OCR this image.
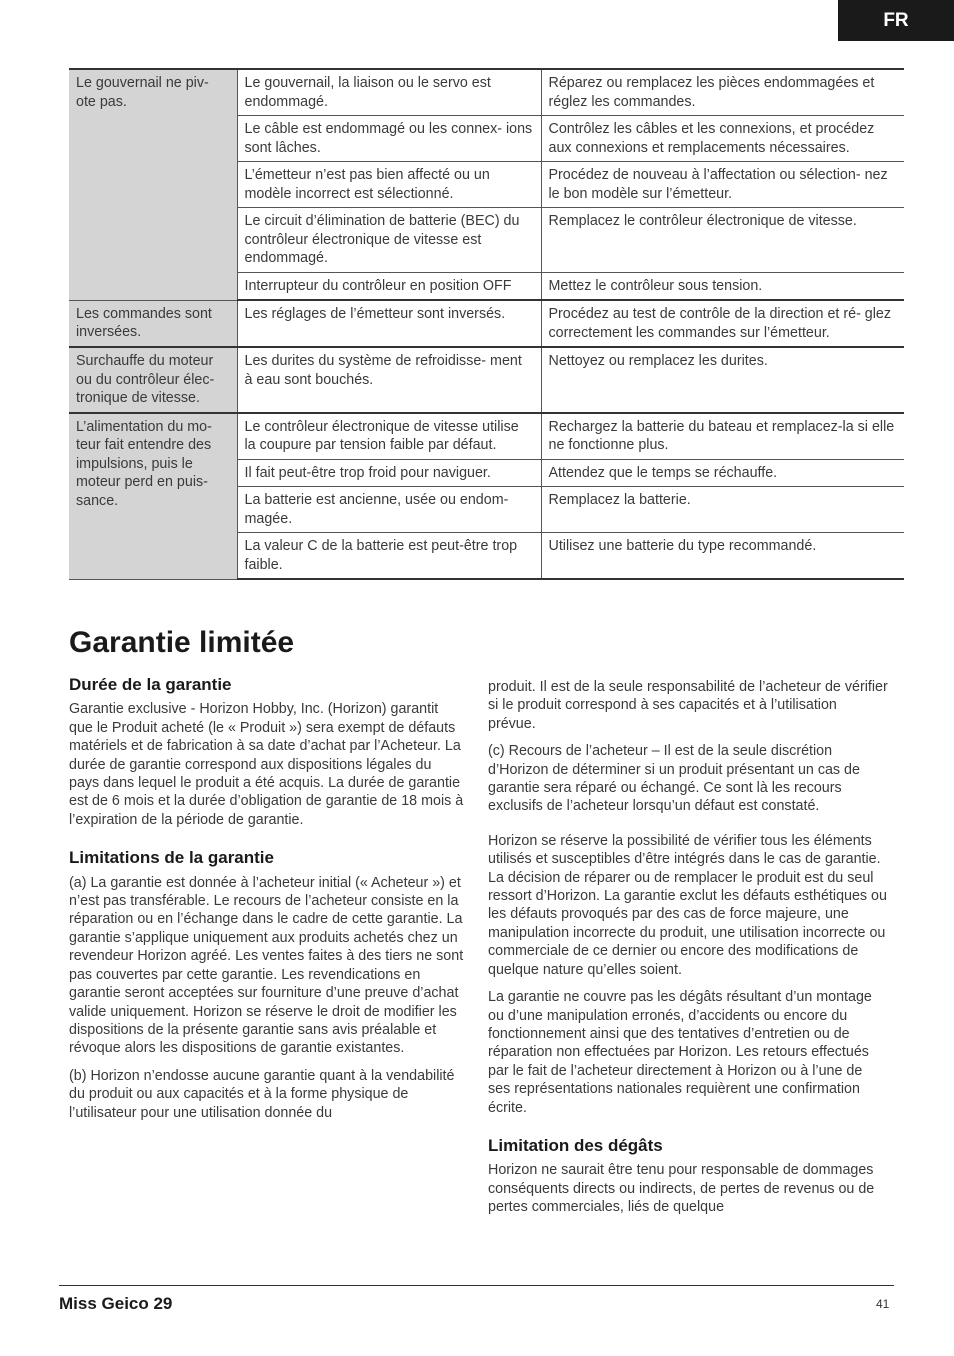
FR
Le gouvernail ne piv- ote pas.	Le gouvernail, la liaison ou le servo est endommagé.	Réparez ou remplacez les pièces endommagées et réglez les commandes.
	Le câble est endommagé ou les connex- ions sont lâches.	Contrôlez les câbles et les connexions, et procédez aux connexions et remplacements nécessaires.
	L’émetteur n’est pas bien affecté ou un modèle incorrect est sélectionné.	Procédez de nouveau à l’affectation ou sélection- nez le bon modèle sur l’émetteur.
	Le circuit d’élimination de batterie (BEC) du contrôleur électronique de vitesse est endommagé.	Remplacez le contrôleur électronique de vitesse.
	Interrupteur du contrôleur en position OFF	Mettez le contrôleur sous tension.
Les commandes sont inversées.	Les réglages de l’émetteur sont inversés.	Procédez au test de contrôle de la direction et ré- glez correctement les commandes sur l’émetteur.
Surchauffe du moteur ou du contrôleur élec- tronique de vitesse.	Les durites du système de refroidisse- ment à eau sont bouchés.	Nettoyez ou remplacez les durites.
L’alimentation du mo- teur fait entendre des impulsions, puis le moteur perd en puis- sance.	Le contrôleur électronique de vitesse utilise la coupure par tension faible par défaut.	Rechargez la batterie du bateau et remplacez-la si elle ne fonctionne plus.
	Il fait peut-être trop froid pour naviguer.	Attendez que le temps se réchauffe.
	La batterie est ancienne, usée ou endom- magée.	Remplacez la batterie.
	La valeur C de la batterie est peut-être trop faible.	Utilisez une batterie du type recommandé.
Garantie limitée
Durée de la garantie

Garantie exclusive - Horizon Hobby, Inc. (Horizon) garantit que le Produit acheté (le « Produit ») sera exempt de défauts matériels et de fabrication à sa date d’achat par l’Acheteur. La durée de garantie correspond aux dispositions légales du pays dans lequel le produit a été acquis. La durée de garantie est de 6 mois et la durée d’obligation de garantie de 18 mois à l’expiration de la période de garantie.

Limitations de la garantie

(a) La garantie est donnée à l’acheteur initial (« Acheteur ») et n’est pas transférable. Le recours de l’acheteur consiste en la réparation ou en l’échange dans le cadre de cette garantie. La garantie s’applique uniquement aux produits achetés chez un revendeur Horizon agréé. Les ventes faites à des tiers ne sont pas couvertes par cette garantie. Les revendications en garantie seront acceptées sur fourniture d’une preuve d’achat valide uniquement. Horizon se réserve le droit de modifier les dispositions de la présente garantie sans avis préalable et révoque alors les dispositions de garantie existantes.

(b) Horizon n’endosse aucune garantie quant à la vendabilité du produit ou aux capacités et à la forme physique de l’utilisateur pour une utilisation donnée du

produit. Il est de la seule responsabilité de l’acheteur de vérifier si le produit correspond à ses capacités et à l’utilisation prévue.

(c) Recours de l’acheteur – Il est de la seule discrétion d’Horizon de déterminer si un produit présentant un cas de garantie sera réparé ou échangé. Ce sont là les recours exclusifs de l’acheteur lorsqu’un défaut est constaté.

Horizon se réserve la possibilité de vérifier tous les éléments utilisés et susceptibles d’être intégrés dans le cas de garantie. La décision de réparer ou de remplacer le produit est du seul ressort d’Horizon. La garantie exclut les défauts esthétiques ou les défauts provoqués par des cas de force majeure, une manipulation incorrecte du produit, une utilisation incorrecte ou commerciale de ce dernier ou encore des modifications de quelque nature qu’elles soient.

La garantie ne couvre pas les dégâts résultant d’un montage ou d’une manipulation erronés, d’accidents ou encore du fonctionnement ainsi que des tentatives d’entretien ou de réparation non effectuées par Horizon. Les retours effectués par le fait de l’acheteur directement à Horizon ou à l’une de ses représentations nationales requièrent une confirmation écrite.

Limitation des dégâts

Horizon ne saurait être tenu pour responsable de dommages conséquents directs ou indirects, de pertes de revenus ou de pertes commerciales, liés de quelque

Miss Geico 29	41
